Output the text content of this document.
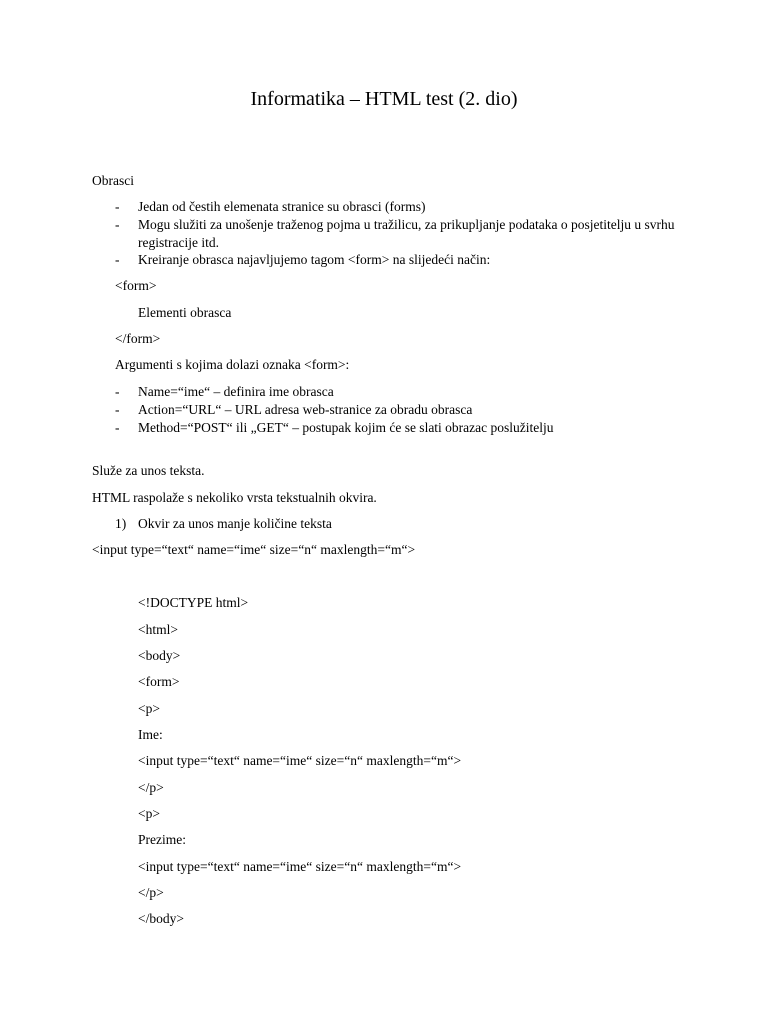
Informatika – HTML test (2. dio)
Obrasci
- Jedan od čestih elemenata stranice su obrasci (forms)
- Mogu služiti za unošenje traženog pojma u tražilicu, za prikupljanje podataka o posjetitelju u svrhu registracije itd.
- Kreiranje obrasca najavljujemo tagom <form> na slijedeći način:
<form>
Elementi obrasca
</form>
Argumenti s kojima dolazi oznaka <form>:
- Name=“ime“ – definira ime obrasca
- Action=“URL“ – URL adresa web-stranice za obradu obrasca
- Method=“POST“ ili „GET“ – postupak kojim će se slati obrazac poslužitelju
Služe za unos teksta.
HTML raspolaže s nekoliko vrsta tekstualnih okvira.
1) Okvir za unos manje količine teksta
<input type=“text“ name=“ime“ size=“n“ maxlength=“m“>
<!DOCTYPE html>
<html>
<body>
<form>
<p>
Ime:
<input type=“text“ name=“ime“ size=“n“ maxlength=“m“>
</p>
<p>
Prezime:
<input type=“text“ name=“ime“ size=“n“ maxlength=“m“>
</p>
</body>
